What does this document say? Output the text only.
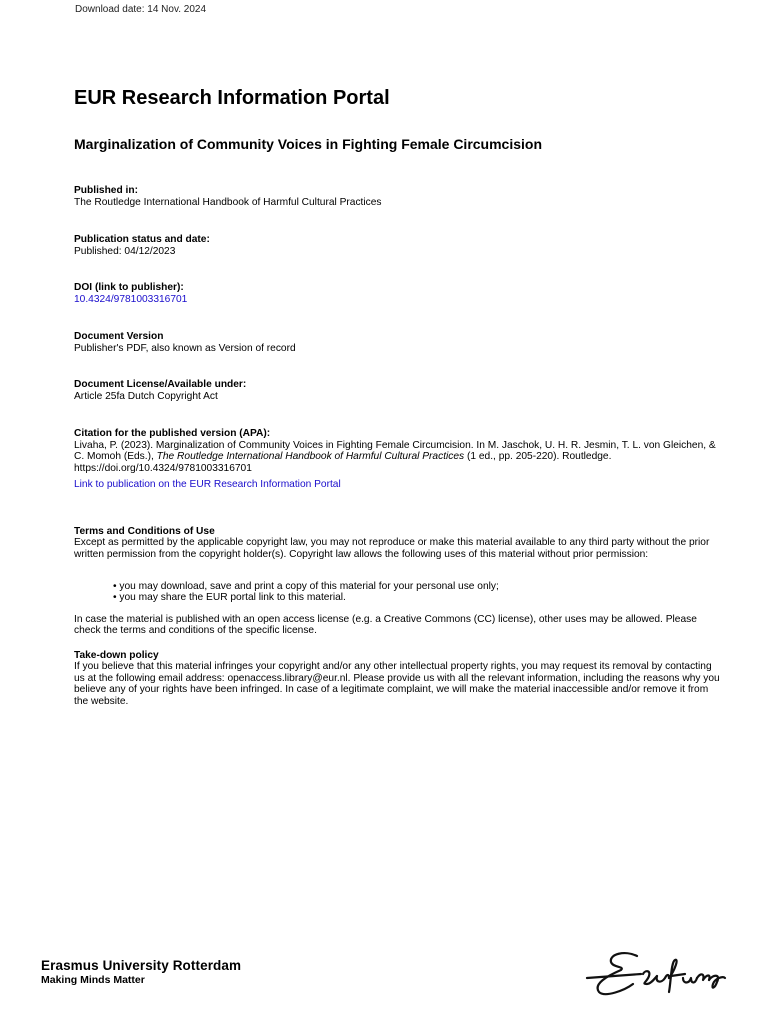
Download date: 14 Nov. 2024
EUR Research Information Portal
Marginalization of Community Voices in Fighting Female Circumcision
Published in:
The Routledge International Handbook of Harmful Cultural Practices
Publication status and date:
Published: 04/12/2023
DOI (link to publisher):
10.4324/9781003316701
Document Version
Publisher's PDF, also known as Version of record
Document License/Available under:
Article 25fa Dutch Copyright Act
Citation for the published version (APA):
Livaha, P. (2023). Marginalization of Community Voices in Fighting Female Circumcision. In M. Jaschok, U. H. R. Jesmin, T. L. von Gleichen, & C. Momoh (Eds.), The Routledge International Handbook of Harmful Cultural Practices (1 ed., pp. 205-220). Routledge. https://doi.org/10.4324/9781003316701
Link to publication on the EUR Research Information Portal
Terms and Conditions of Use
Except as permitted by the applicable copyright law, you may not reproduce or make this material available to any third party without the prior written permission from the copyright holder(s). Copyright law allows the following uses of this material without prior permission:
• you may download, save and print a copy of this material for your personal use only;
• you may share the EUR portal link to this material.
In case the material is published with an open access license (e.g. a Creative Commons (CC) license), other uses may be allowed. Please check the terms and conditions of the specific license.
Take-down policy
If you believe that this material infringes your copyright and/or any other intellectual property rights, you may request its removal by contacting us at the following email address: openaccess.library@eur.nl. Please provide us with all the relevant information, including the reasons why you believe any of your rights have been infringed. In case of a legitimate complaint, we will make the material inaccessible and/or remove it from the website.
Erasmus University Rotterdam
Making Minds Matter
